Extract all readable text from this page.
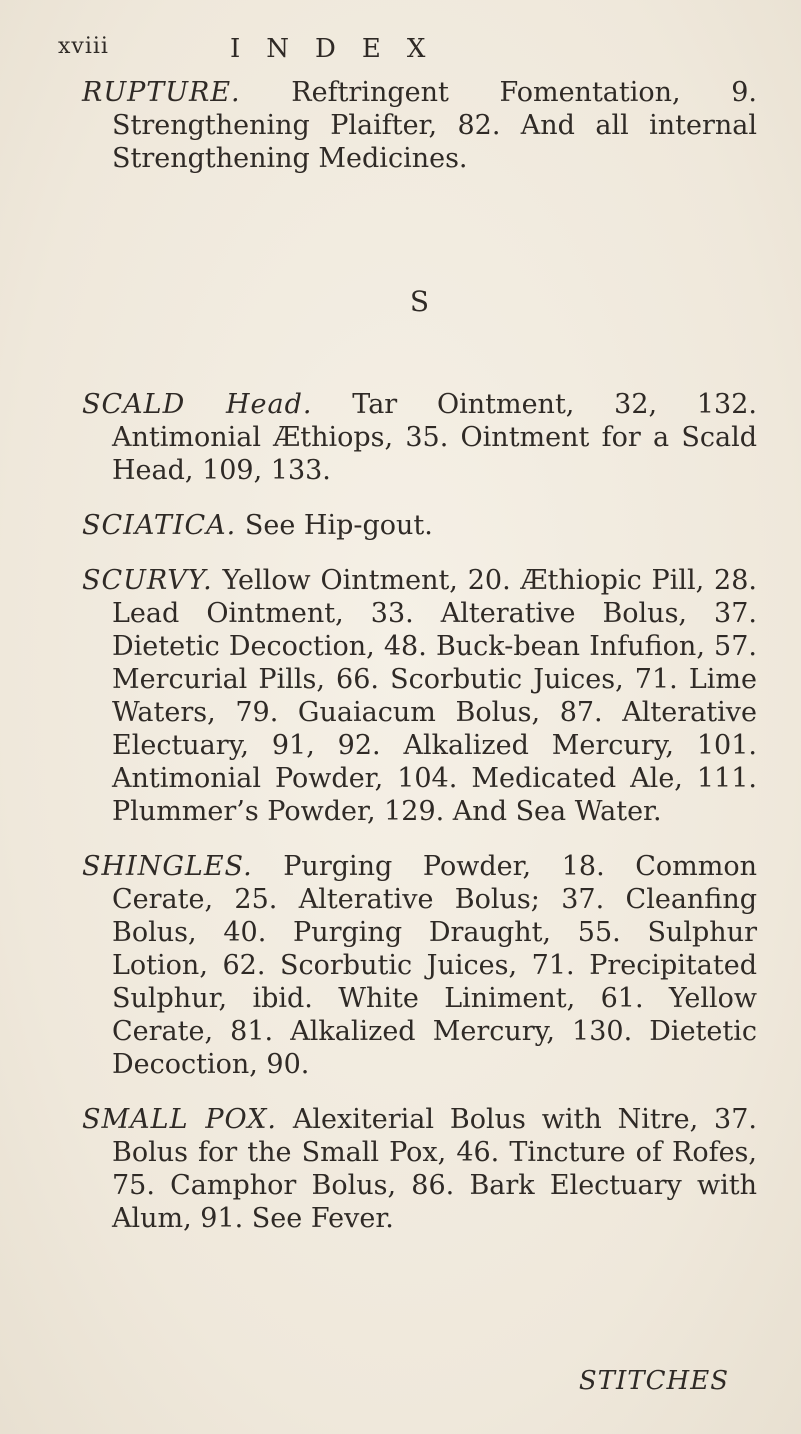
xviii	INDEX

RUPTURE. Reftringent Fomentation, 9. Strengthening Plaifter, 82. And all internal Strengthening Medicines.

S

SCALD Head. Tar Ointment, 32, 132. Antimonial Æthiops, 35. Ointment for a Scald Head, 109, 133.

SCIATICA. See Hip-gout.

SCURVY. Yellow Ointment, 20. Æthiopic Pill, 28. Lead Ointment, 33. Alterative Bolus, 37. Dietetic Decoction, 48. Buck-bean Infufion, 57. Mercurial Pills, 66. Scorbutic Juices, 71. Lime Waters, 79. Guaiacum Bolus, 87. Alterative Electuary, 91, 92. Alkalized Mercury, 101. Antimonial Powder, 104. Medicated Ale, 111. Plummer’s Powder, 129. And Sea Water.

SHINGLES. Purging Powder, 18. Common Cerate, 25. Alterative Bolus; 37. Cleanfing Bolus, 40. Purging Draught, 55. Sulphur Lotion, 62. Scorbutic Juices, 71. Precipitated Sulphur, ibid. White Liniment, 61. Yellow Cerate, 81. Alkalized Mercury, 130. Dietetic Decoction, 90.

SMALL POX. Alexiterial Bolus with Nitre, 37. Bolus for the Small Pox, 46. Tincture of Rofes, 75. Camphor Bolus, 86. Bark Electuary with Alum, 91. See Fever.

STITCHES
